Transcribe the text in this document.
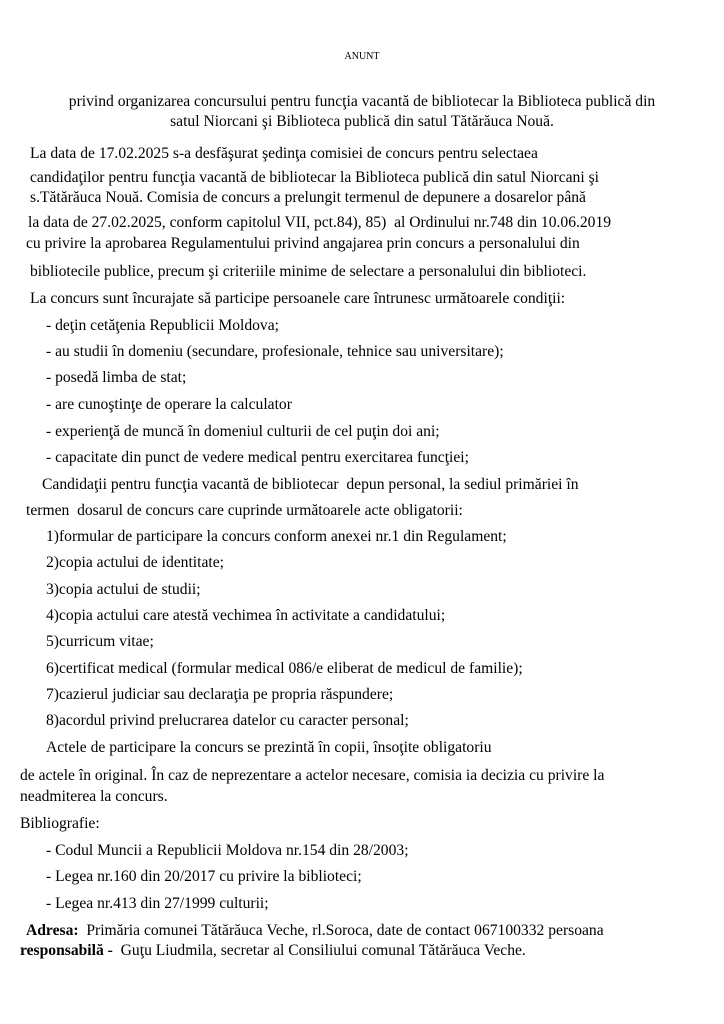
ANUNT
privind organizarea concursului pentru funcţia vacantă de bibliotecar la Biblioteca publică din
satul Niorcani şi Biblioteca publică din satul Tătărăuca Nouă.
La data de 17.02.2025 s-a desfăşurat şedinţa comisiei de concurs pentru selectaea
candidaţilor pentru funcţia vacantă de bibliotecar la Biblioteca publică din satul Niorcani şi
s.Tătărăuca Nouă. Comisia de concurs a prelungit termenul de depunere a dosarelor până
la data de 27.02.2025, conform capitolul VII, pct.84), 85)  al Ordinului nr.748 din 10.06.2019
cu privire la aprobarea Regulamentului privind angajarea prin concurs a personalului din
bibliotecile publice, precum şi criteriile minime de selectare a personalului din biblioteci.
La concurs sunt încurajate să participe persoanele care întrunesc următoarele condiţii:
- deţin cetăţenia Republicii Moldova;
- au studii în domeniu (secundare, profesionale, tehnice sau universitare);
- posedă limba de stat;
- are cunoştinţe de operare la calculator
- experienţă de muncă în domeniul culturii de cel puţin doi ani;
- capacitate din punct de vedere medical pentru exercitarea funcţiei;
Candidaţii pentru funcţia vacantă de bibliotecar  depun personal, la sediul primăriei în
termen  dosarul de concurs care cuprinde următoarele acte obligatorii:
1)formular de participare la concurs conform anexei nr.1 din Regulament;
2)copia actului de identitate;
3)copia actului de studii;
4)copia actului care atestă vechimea în activitate a candidatului;
5)curricum vitae;
6)certificat medical (formular medical 086/e eliberat de medicul de familie);
7)cazierul judiciar sau declaraţia pe propria răspundere;
8)acordul privind prelucrarea datelor cu caracter personal;
Actele de participare la concurs se prezintă în copii, însoţite obligatoriu
de actele în original. În caz de neprezentare a actelor necesare, comisia ia decizia cu privire la
neadmiterea la concurs.
Bibliografie:
- Codul Muncii a Republicii Moldova nr.154 din 28/2003;
- Legea nr.160 din 20/2017 cu privire la biblioteci;
- Legea nr.413 din 27/1999 culturii;
Adresa:  Primăria comunei Tătărăuca Veche, rl.Soroca, date de contact 067100332 persoana
responsabilă -  Guţu Liudmila, secretar al Consiliului comunal Tătărăuca Veche.
